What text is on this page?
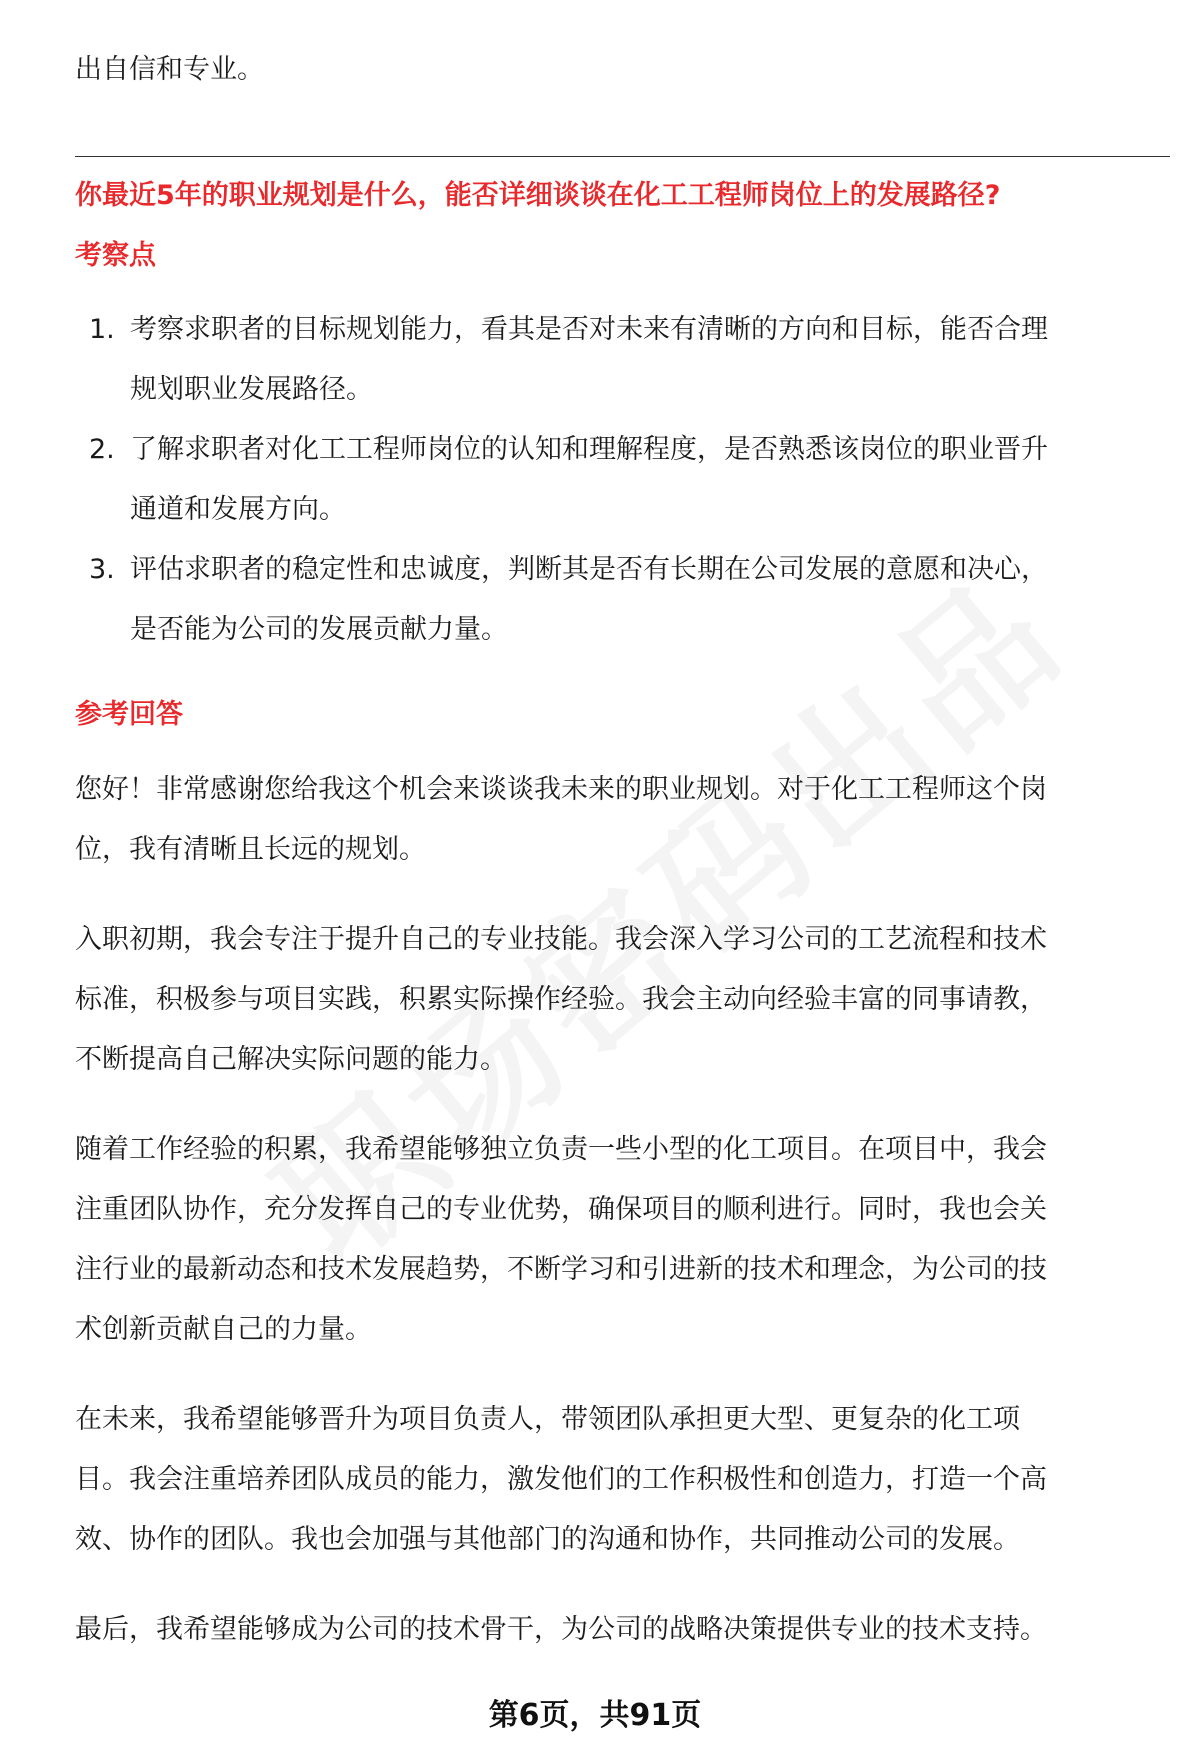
出自信和专业。
你最近5年的职业规划是什么，能否详细谈谈在化工工程师岗位上的发展路径?
考察点
1. 考察求职者的目标规划能力，看其是否对未来有清晰的方向和目标，能否合理
规划职业发展路径。
2. 了解求职者对化工工程师岗位的认知和理解程度，是否熟悉该岗位的职业晋升
通道和发展方向。
3. 评估求职者的稳定性和忠诚度，判断其是否有长期在公司发展的意愿和决心，
是否能为公司的发展贡献力量。
参考回答
您好！非常感谢您给我这个机会来谈谈我未来的职业规划。对于化工工程师这个岗
位，我有清晰且长远的规划。
入职初期，我会专注于提升自己的专业技能。我会深入学习公司的工艺流程和技术
标准，积极参与项目实践，积累实际操作经验。我会主动向经验丰富的同事请教，
不断提高自己解决实际问题的能力。
随着工作经验的积累，我希望能够独立负责一些小型的化工项目。在项目中，我会
注重团队协作，充分发挥自己的专业优势，确保项目的顺利进行。同时，我也会关
注行业的最新动态和技术发展趋势，不断学习和引进新的技术和理念，为公司的技
术创新贡献自己的力量。
在未来，我希望能够晋升为项目负责人，带领团队承担更大型、更复杂的化工项
目。我会注重培养团队成员的能力，激发他们的工作积极性和创造力，打造一个高
效、协作的团队。我也会加强与其他部门的沟通和协作，共同推动公司的发展。
最后，我希望能够成为公司的技术骨干，为公司的战略决策提供专业的技术支持。
第6页，共91页
